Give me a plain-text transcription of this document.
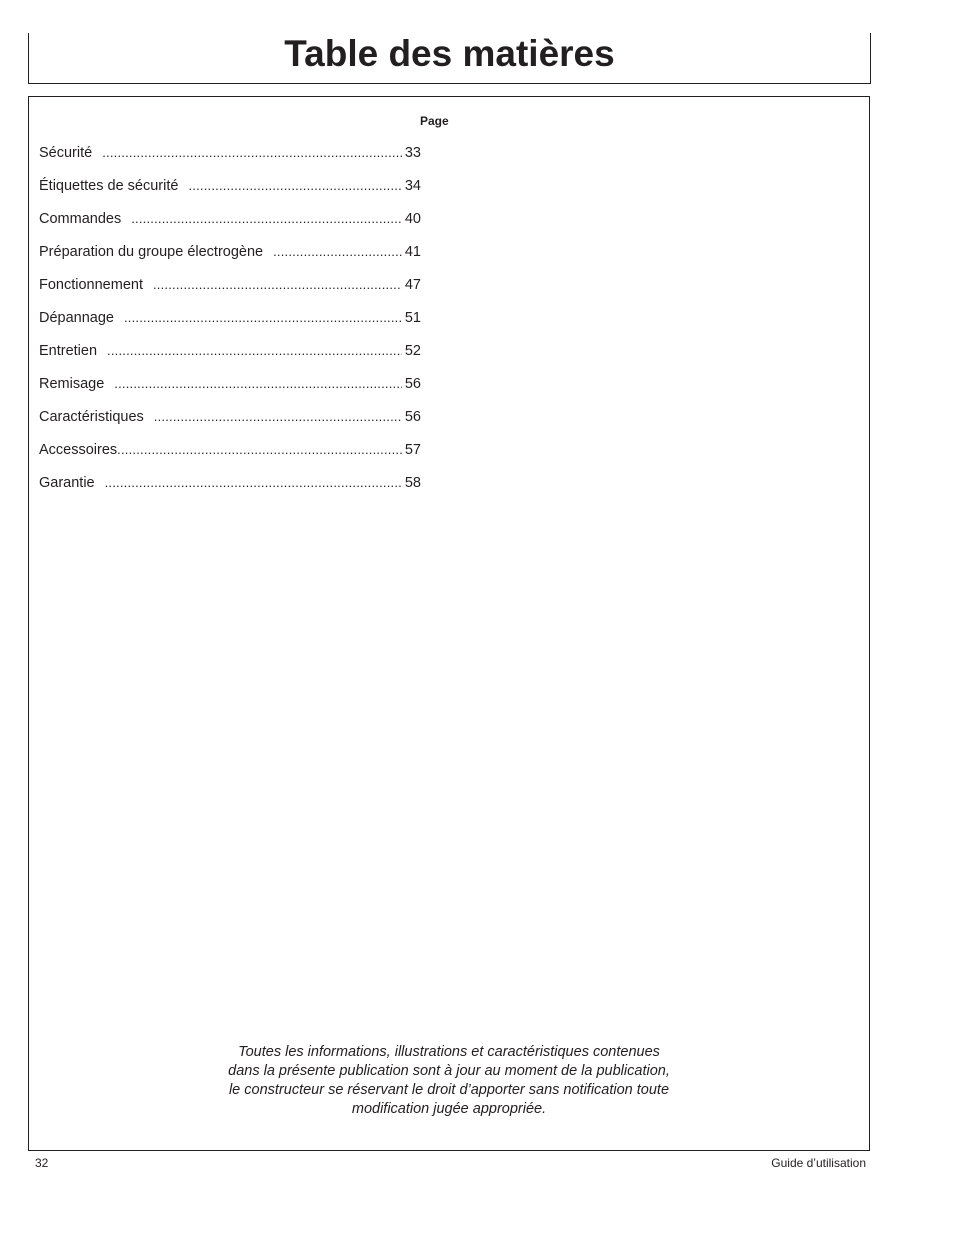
Table des matières
Page
Sécurité .....	33
Étiquettes de sécurité .....	34
Commandes .....	40
Préparation du groupe électrogène .....	41
Fonctionnement .....	47
Dépannage .....	51
Entretien .....	52
Remisage .....	56
Caractéristiques .....	56
Accessoires .....	57
Garantie .....	58

Toutes les informations, illustrations et caractéristiques contenues
dans la présente publication sont à jour au moment de la publication,
le constructeur se réservant le droit d’apporter sans notification toute
modification jugée appropriée.

32	Guide d’utilisation
